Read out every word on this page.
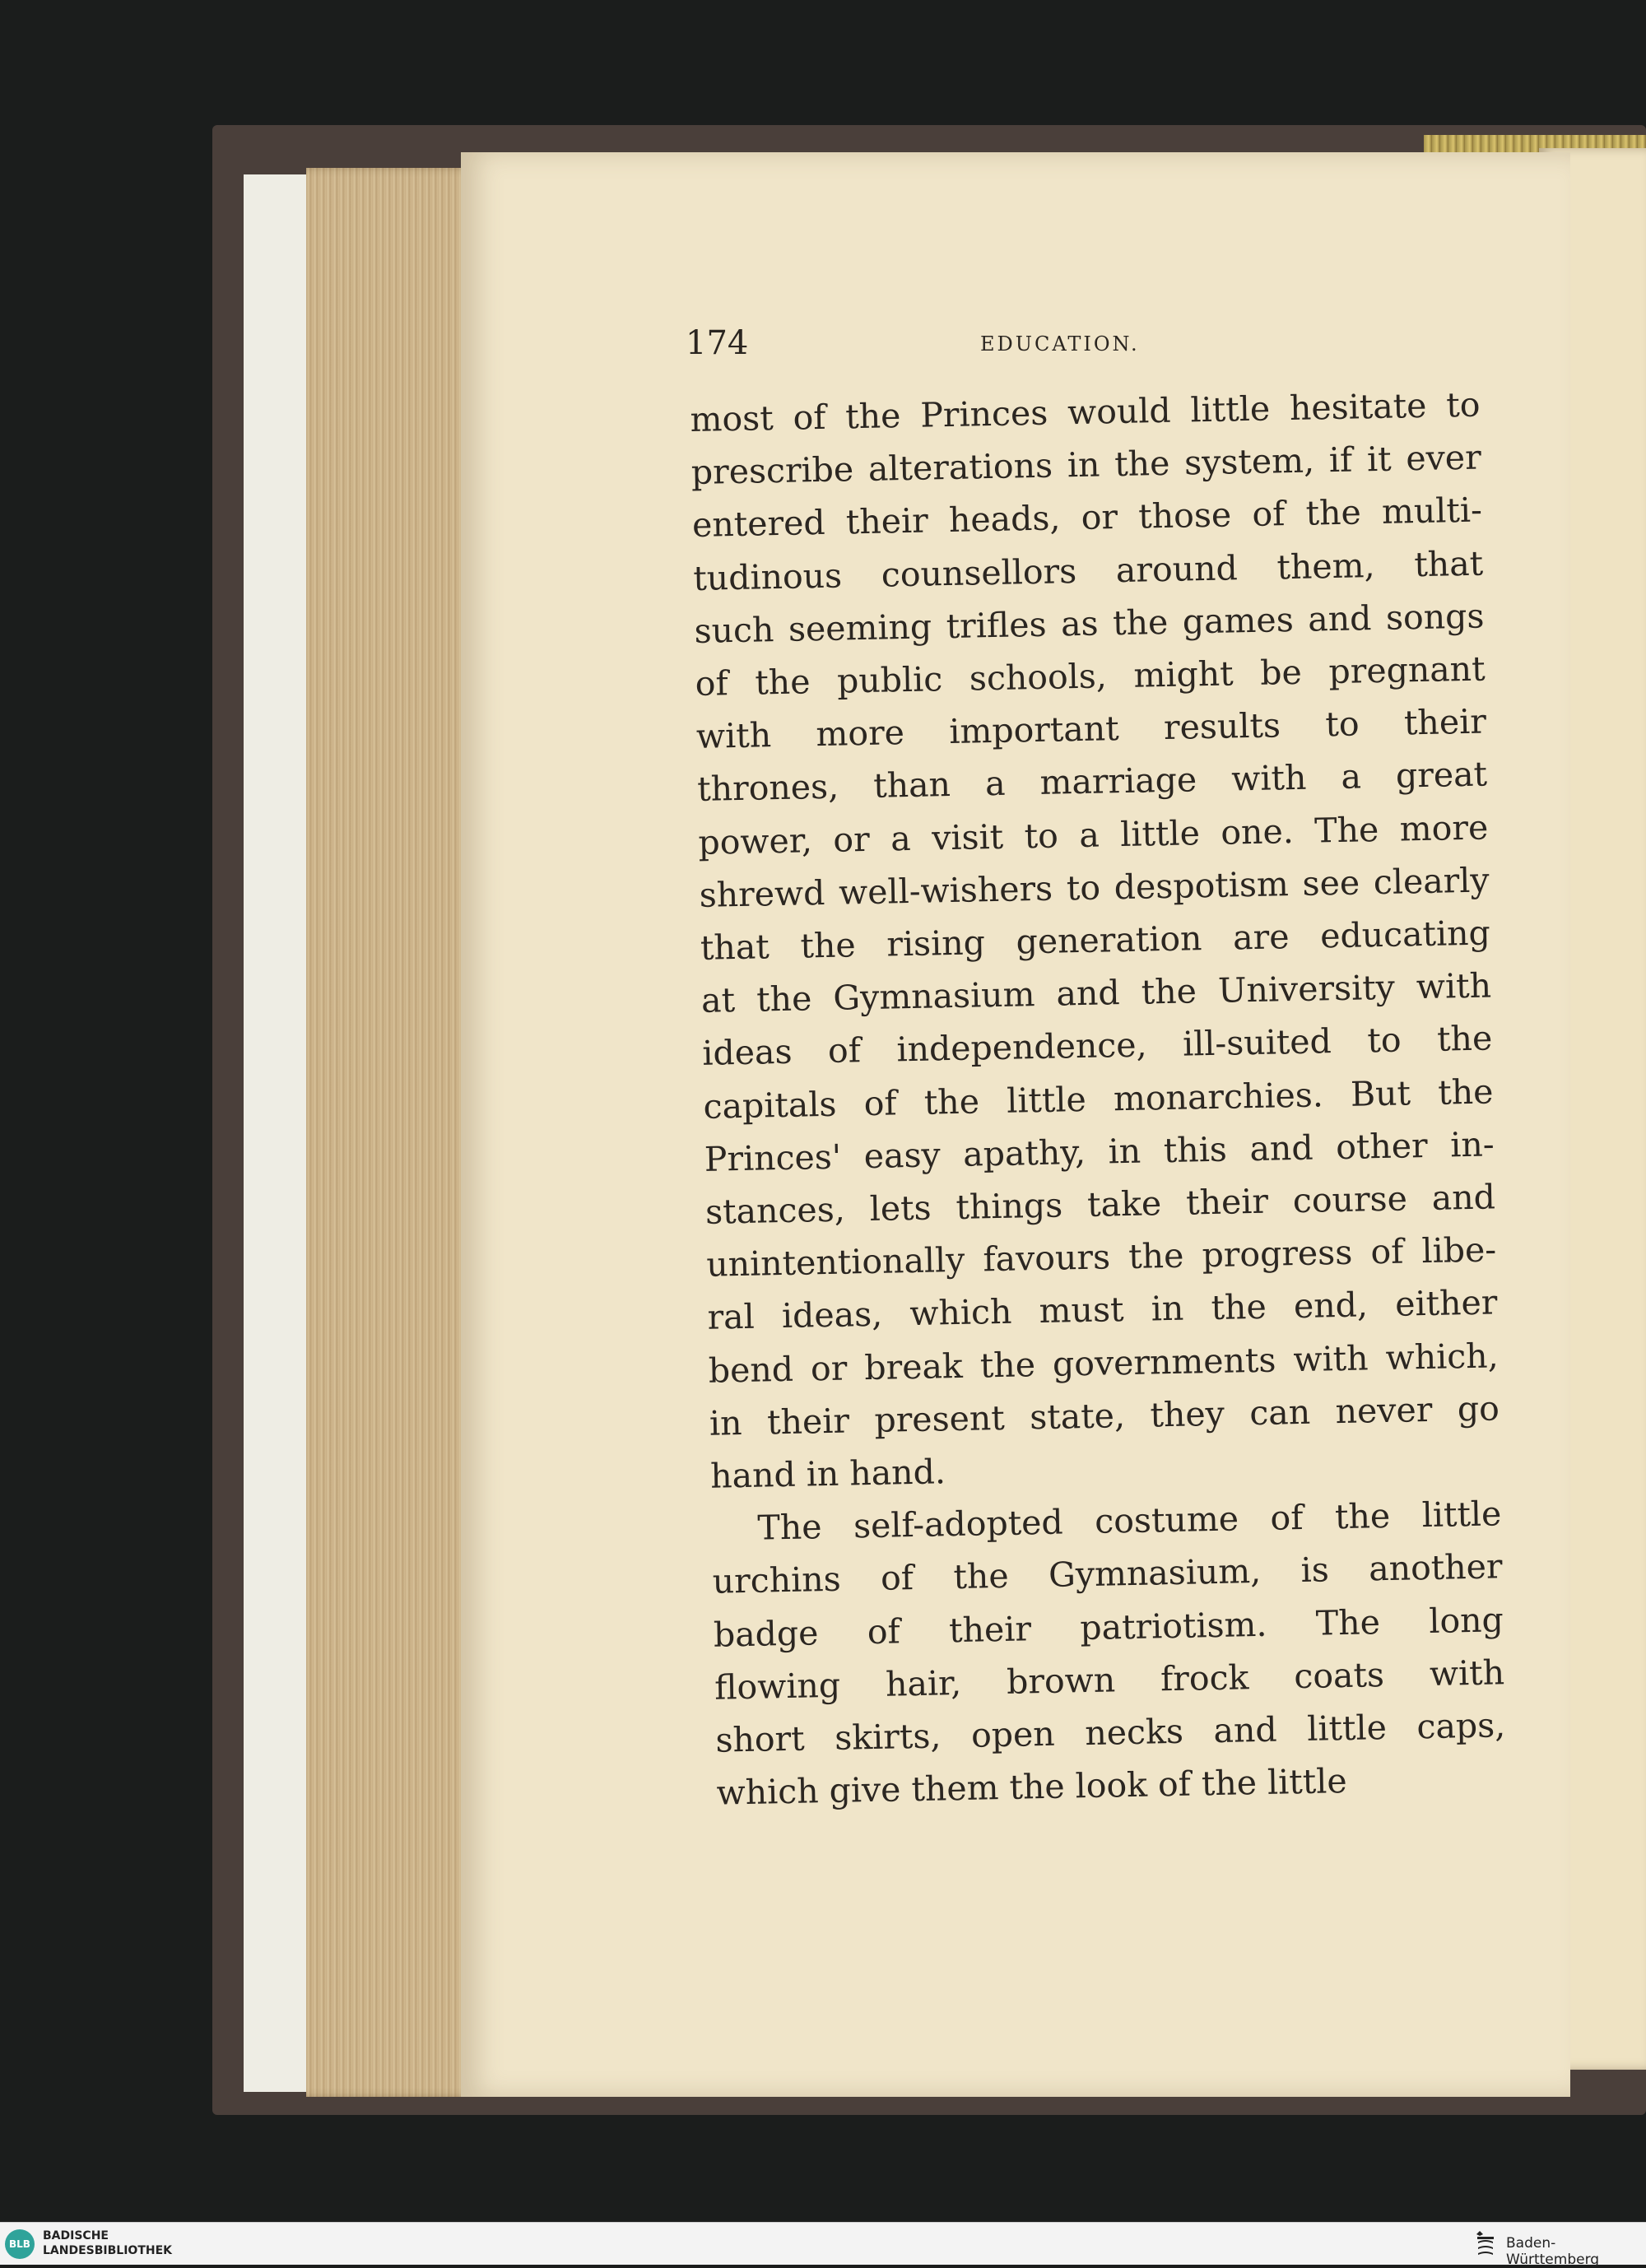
174	EDUCATION.
most of the Princes would little hesitate to
prescribe alterations in the system, if it ever
entered their heads, or those of the multi-
tudinous counsellors around them, that
such seeming trifles as the games and songs
of the public schools, might be pregnant
with more important results to their
thrones, than a marriage with a great
power, or a visit to a little one. The more
shrewd well-wishers to despotism see clearly
that the rising generation are educating
at the Gymnasium and the University with
ideas of independence, ill-suited to the
capitals of the little monarchies. But the
Princes' easy apathy, in this and other in-
stances, lets things take their course and
unintentionally favours the progress of libe-
ral ideas, which must in the end, either
bend or break the governments with which,
in their present state, they can never go
hand in hand.
The self-adopted costume of the little
urchins of the Gymnasium, is another
badge of their patriotism. The long
flowing hair, brown frock coats with
short skirts, open necks and little caps,
which give them the look of the little
BLB
BADISCHE
LANDESBIBLIOTHEK	Baden-Württemberg
